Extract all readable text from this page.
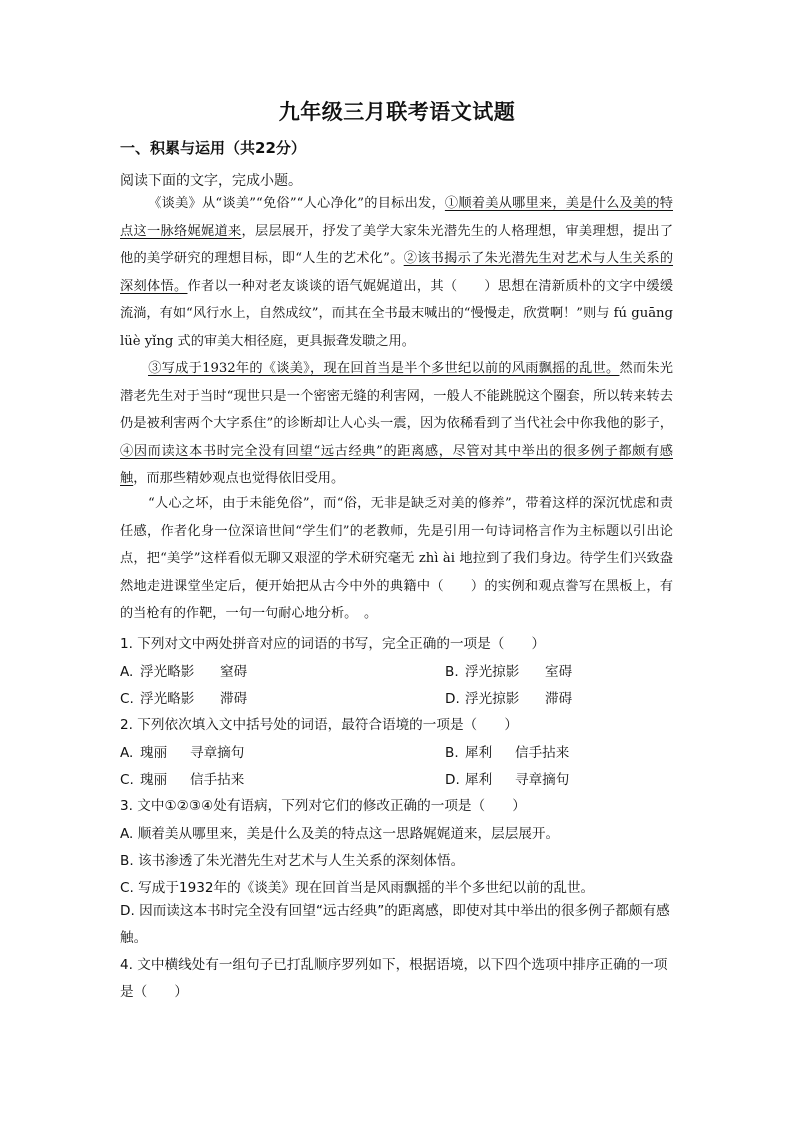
九年级三月联考语文试题
一、积累与运用（共22分）
阅读下面的文字，完成小题。
《谈美》从“谈美”“免俗”“人心净化”的目标出发，①顺着美从哪里来，美是什么及美的特点这一脉络娓娓道来，层层展开，抒发了美学大家朱光潜先生的人格理想，审美理想，提出了他的美学研究的理想目标，即“人生的艺术化”。②该书揭示了朱光潜先生对艺术与人生关系的深刻体悟。作者以一种对老友谈谈的语气娓娓道出，其（　　）思想在清新质朴的文字中缓缓流淌，有如“风行水上，自然成纹”，而其在全书最末喊出的“慢慢走，欣赏啊！”则与 fú guāng lüè yǐng 式的审美大相径庭，更具振聋发聩之用。
③写成于1932年的《谈美》，现在回首当是半个多世纪以前的风雨飘摇的乱世。然而朱光潜老先生对于当时“现世只是一个密密无缝的利害网，一般人不能跳脱这个圈套，所以转来转去仍是被利害两个大字系住”的诊断却让人心头一震，因为依稀看到了当代社会中你我他的影子，④因而读这本书时完全没有回望“远古经典”的距离感，尽管对其中举出的很多例子都颇有感触，而那些精妙观点也觉得依旧受用。
“人心之坏，由于未能免俗”，而“俗，无非是缺乏对美的修养”，带着这样的深沉忧虑和责任感，作者化身一位深谙世间“学生们”的老教师，先是引用一句诗词格言作为主标题以引出论点，把“美学”这样看似无聊又艰涩的学术研究毫无 zhì ài 地拉到了我们身边。待学生们兴致盎然地走进课堂坐定后，便开始把从古今中外的典籍中（　　）的实例和观点誊写在黑板上，有的当枪有的作靶，一句一句耐心地分析。　。
1. 下列对文中两处拼音对应的词语的书写，完全正确的一项是（　　）
A. 浮光略影 窒碍	B. 浮光掠影 室碍
C. 浮光略影 滞碍	D. 浮光掠影 滞碍
2. 下列依次填入文中括号处的词语，最符合语境的一项是（　　）
A. 瑰丽 寻章摘句	B. 犀利 信手拈来
C. 瑰丽 信手拈来	D. 犀利 寻章摘句
3. 文中①②③④处有语病，下列对它们的修改正确的一项是（　　）
A. 顺着美从哪里来，美是什么及美的特点这一思路娓娓道来，层层展开。
B. 该书渗透了朱光潜先生对艺术与人生关系的深刻体悟。
C. 写成于1932年的《谈美》现在回首当是风雨飘摇的半个多世纪以前的乱世。
D. 因而读这本书时完全没有回望“远古经典”的距离感，即使对其中举出的很多例子都颇有感触。
4. 文中横线处有一组句子已打乱顺序罗列如下，根据语境，以下四个选项中排序正确的一项是（　　）
